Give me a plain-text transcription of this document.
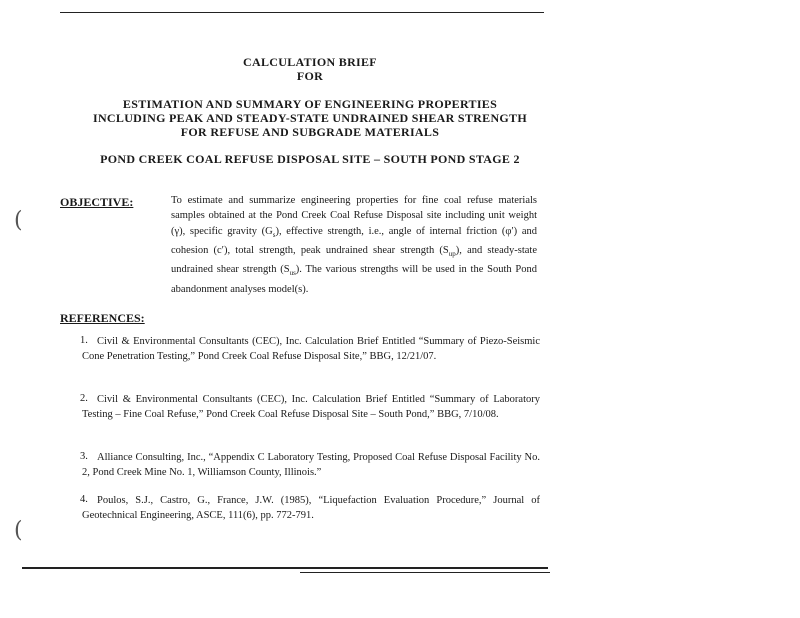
CALCULATION BRIEF
FOR
ESTIMATION AND SUMMARY OF ENGINEERING PROPERTIES
INCLUDING PEAK AND STEADY-STATE UNDRAINED SHEAR STRENGTH
FOR REFUSE AND SUBGRADE MATERIALS
POND CREEK COAL REFUSE DISPOSAL SITE – SOUTH POND STAGE 2
OBJECTIVE:	To estimate and summarize engineering properties for fine coal refuse materials samples obtained at the Pond Creek Coal Refuse Disposal site including unit weight (γ), specific gravity $(G_s)$, effective strength, i.e., angle of internal friction (φ′) and cohesion (c′), total strength, peak undrained shear strength $(S_{up})$, and steady-state undrained shear strength $(S_{us})$. The various strengths will be used in the South Pond abandonment analyses model(s).
REFERENCES:
1. Civil & Environmental Consultants (CEC), Inc. Calculation Brief Entitled “Summary of Piezo-Seismic Cone Penetration Testing,” Pond Creek Coal Refuse Disposal Site,” BBG, 12/21/07.
2. Civil & Environmental Consultants (CEC), Inc. Calculation Brief Entitled “Summary of Laboratory Testing – Fine Coal Refuse,” Pond Creek Coal Refuse Disposal Site – South Pond,” BBG, 7/10/08.
3. Alliance Consulting, Inc., “Appendix C Laboratory Testing, Proposed Coal Refuse Disposal Facility No. 2, Pond Creek Mine No. 1, Williamson County, Illinois.”
4. Poulos, S.J., Castro, G., France, J.W. (1985), “Liquefaction Evaluation Procedure,” Journal of Geotechnical Engineering, ASCE, 111(6), pp. 772-791.
(
(
